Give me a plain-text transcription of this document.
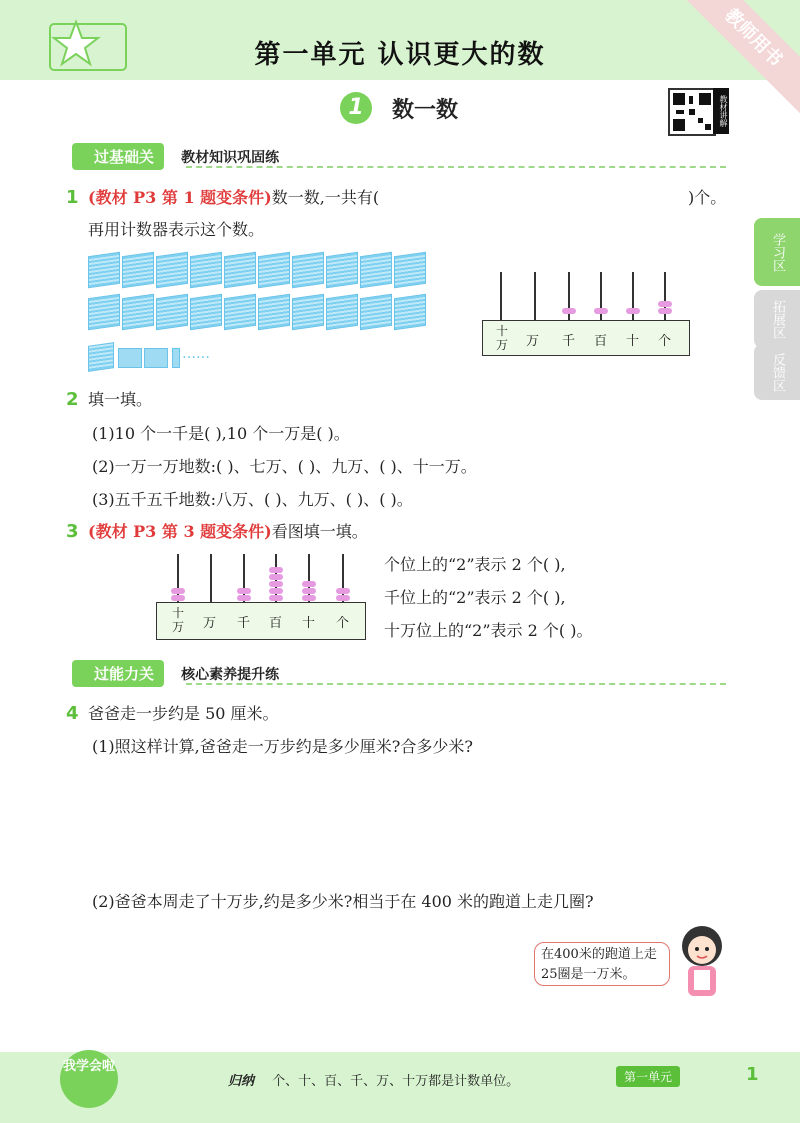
教师用书
第一单元 认识更大的数
1	数一数	教材讲解
学习区
拓展区
反馈区
过基础关 教材知识巩固练
1 (教材 P3 第 1 题变条件)数一数,一共有(	)个。
再用计数器表示这个数。
……
十万 万 千 百 十 个
2 填一填。
(1)10 个一千是( ),10 个一万是( )。
(2)一万一万地数:( )、七万、( )、九万、( )、十一万。
(3)五千五千地数:八万、( )、九万、( )、( )。
3 (教材 P3 第 3 题变条件)看图填一填。
十万 万 千 百 十 个
个位上的“2”表示 2 个( ),
千位上的“2”表示 2 个( ),
十万位上的“2”表示 2 个( )。
过能力关 核心素养提升练
4 爸爸走一步约是 50 厘米。
(1)照这样计算,爸爸走一万步约是多少厘米?合多少米?
(2)爸爸本周走了十万步,约是多少米?相当于在 400 米的跑道上走几圈?
在400米的跑道上走
25圈是一万米。
我学会啦
归纳 个、十、百、千、万、十万都是计数单位。	第一单元	1
